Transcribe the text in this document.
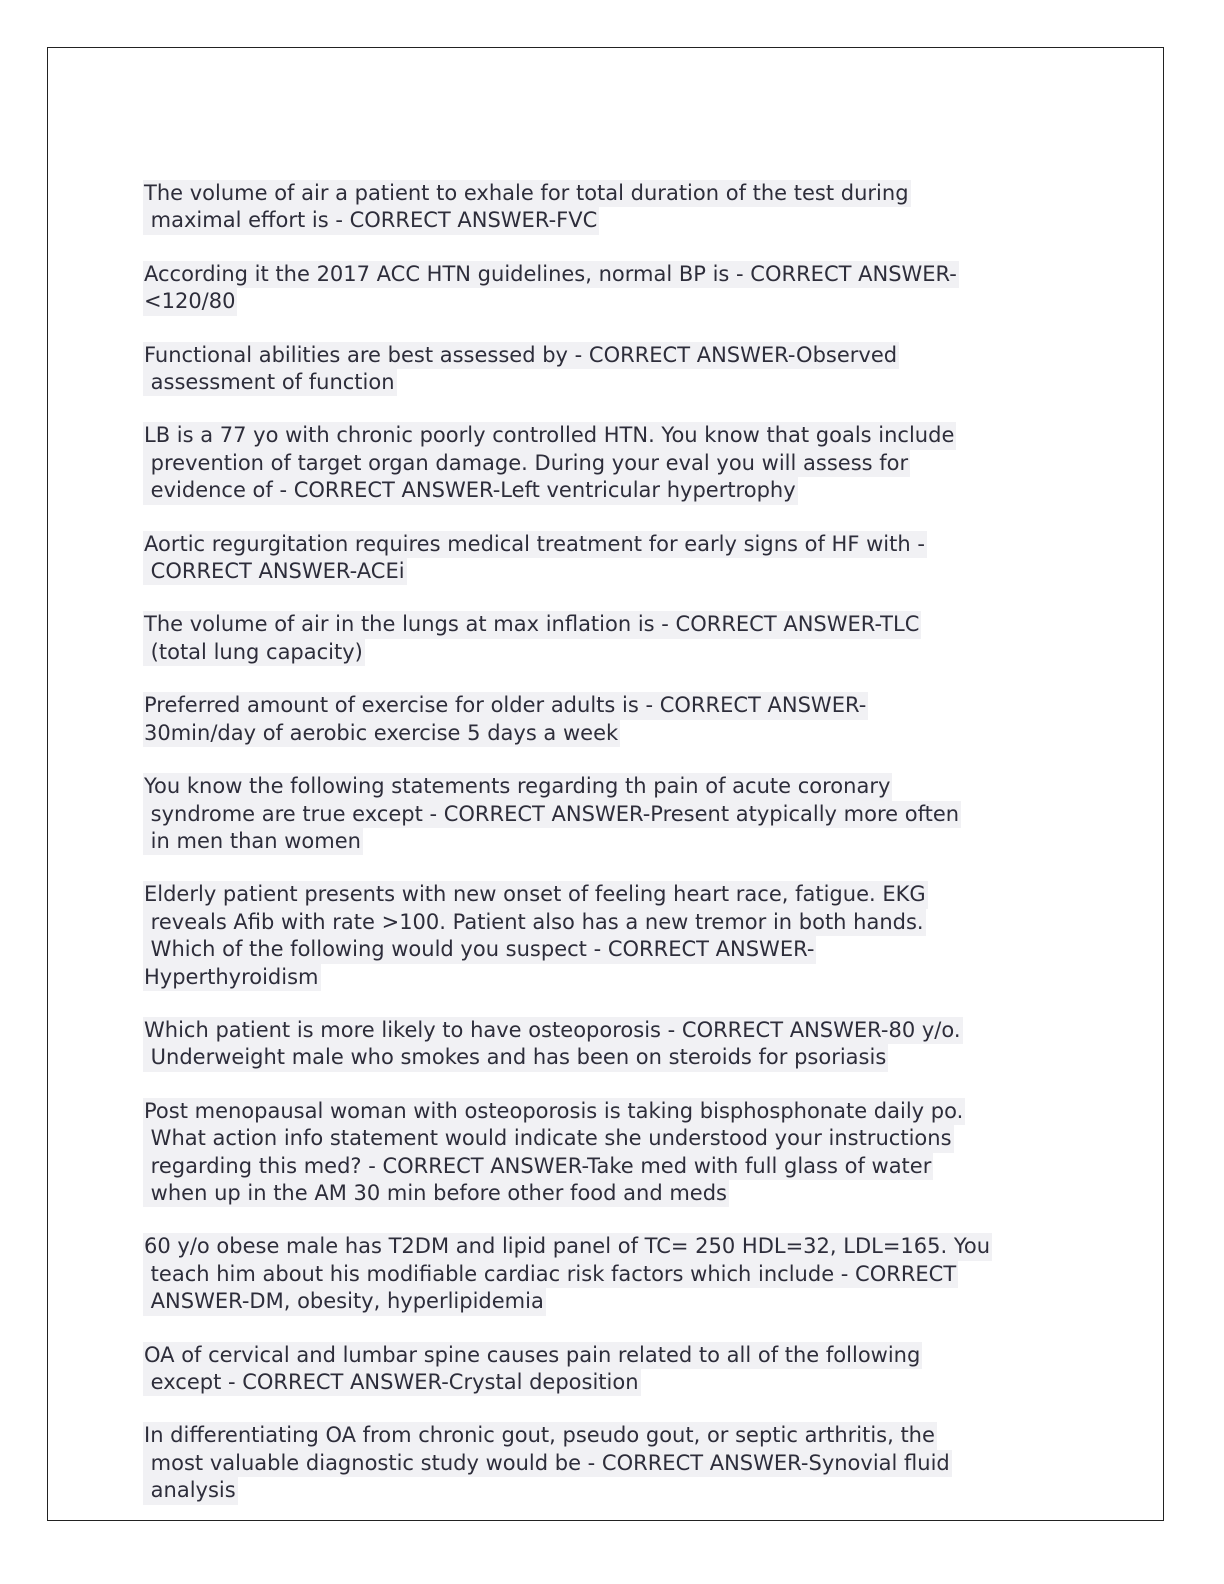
The volume of air a patient to exhale for total duration of the test during
maximal effort is - CORRECT ANSWER-FVC
According it the 2017 ACC HTN guidelines, normal BP is - CORRECT ANSWER-
<120/80
Functional abilities are best assessed by - CORRECT ANSWER-Observed
assessment of function
LB is a 77 yo with chronic poorly controlled HTN. You know that goals include
prevention of target organ damage. During your eval you will assess for
evidence of - CORRECT ANSWER-Left ventricular hypertrophy
Aortic regurgitation requires medical treatment for early signs of HF with -
CORRECT ANSWER-ACEi
The volume of air in the lungs at max inflation is - CORRECT ANSWER-TLC
(total lung capacity)
Preferred amount of exercise for older adults is - CORRECT ANSWER-
30min/day of aerobic exercise 5 days a week
You know the following statements regarding th pain of acute coronary
syndrome are true except - CORRECT ANSWER-Present atypically more often
in men than women
Elderly patient presents with new onset of feeling heart race, fatigue. EKG
reveals Afib with rate >100. Patient also has a new tremor in both hands.
Which of the following would you suspect - CORRECT ANSWER-
Hyperthyroidism
Which patient is more likely to have osteoporosis - CORRECT ANSWER-80 y/o.
Underweight male who smokes and has been on steroids for psoriasis
Post menopausal woman with osteoporosis is taking bisphosphonate daily po.
What action info statement would indicate she understood your instructions
regarding this med? - CORRECT ANSWER-Take med with full glass of water
when up in the AM 30 min before other food and meds
60 y/o obese male has T2DM and lipid panel of TC= 250 HDL=32, LDL=165. You
teach him about his modifiable cardiac risk factors which include - CORRECT
ANSWER-DM, obesity, hyperlipidemia
OA of cervical and lumbar spine causes pain related to all of the following
except - CORRECT ANSWER-Crystal deposition
In differentiating OA from chronic gout, pseudo gout, or septic arthritis, the
most valuable diagnostic study would be - CORRECT ANSWER-Synovial fluid
analysis
